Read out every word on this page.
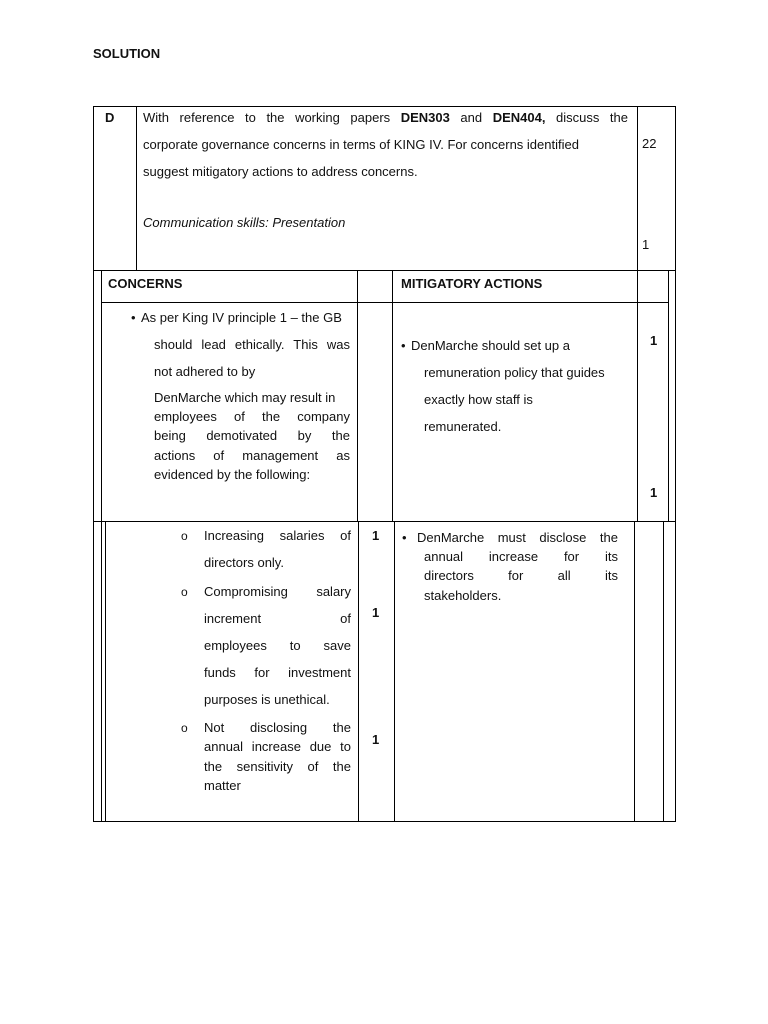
SOLUTION
D With reference to the working papers DEN303 and DEN404, discuss the
corporate governance concerns in terms of KING IV. For concerns identified
suggest mitigatory actions to address concerns.
Communication skills: Presentation
22
1
CONCERNS	MITIGATORY ACTIONS
• As per King IV principle 1 – the GB
should lead ethically. This was
not adhered to by
DenMarche which may result in
employees of the company
being demotivated by the
actions of management as
evidenced by the following:
• DenMarche should set up a
remuneration policy that guides
exactly how staff is
remunerated.
1
1
o Increasing salaries of
directors only.
o Compromising salary
increment of
employees to save
funds for investment
purposes is unethical.
o Not disclosing the
annual increase due to
the sensitivity of the
matter
1
1
1
• DenMarche must disclose the
annual increase for its
directors for all its
stakeholders.
